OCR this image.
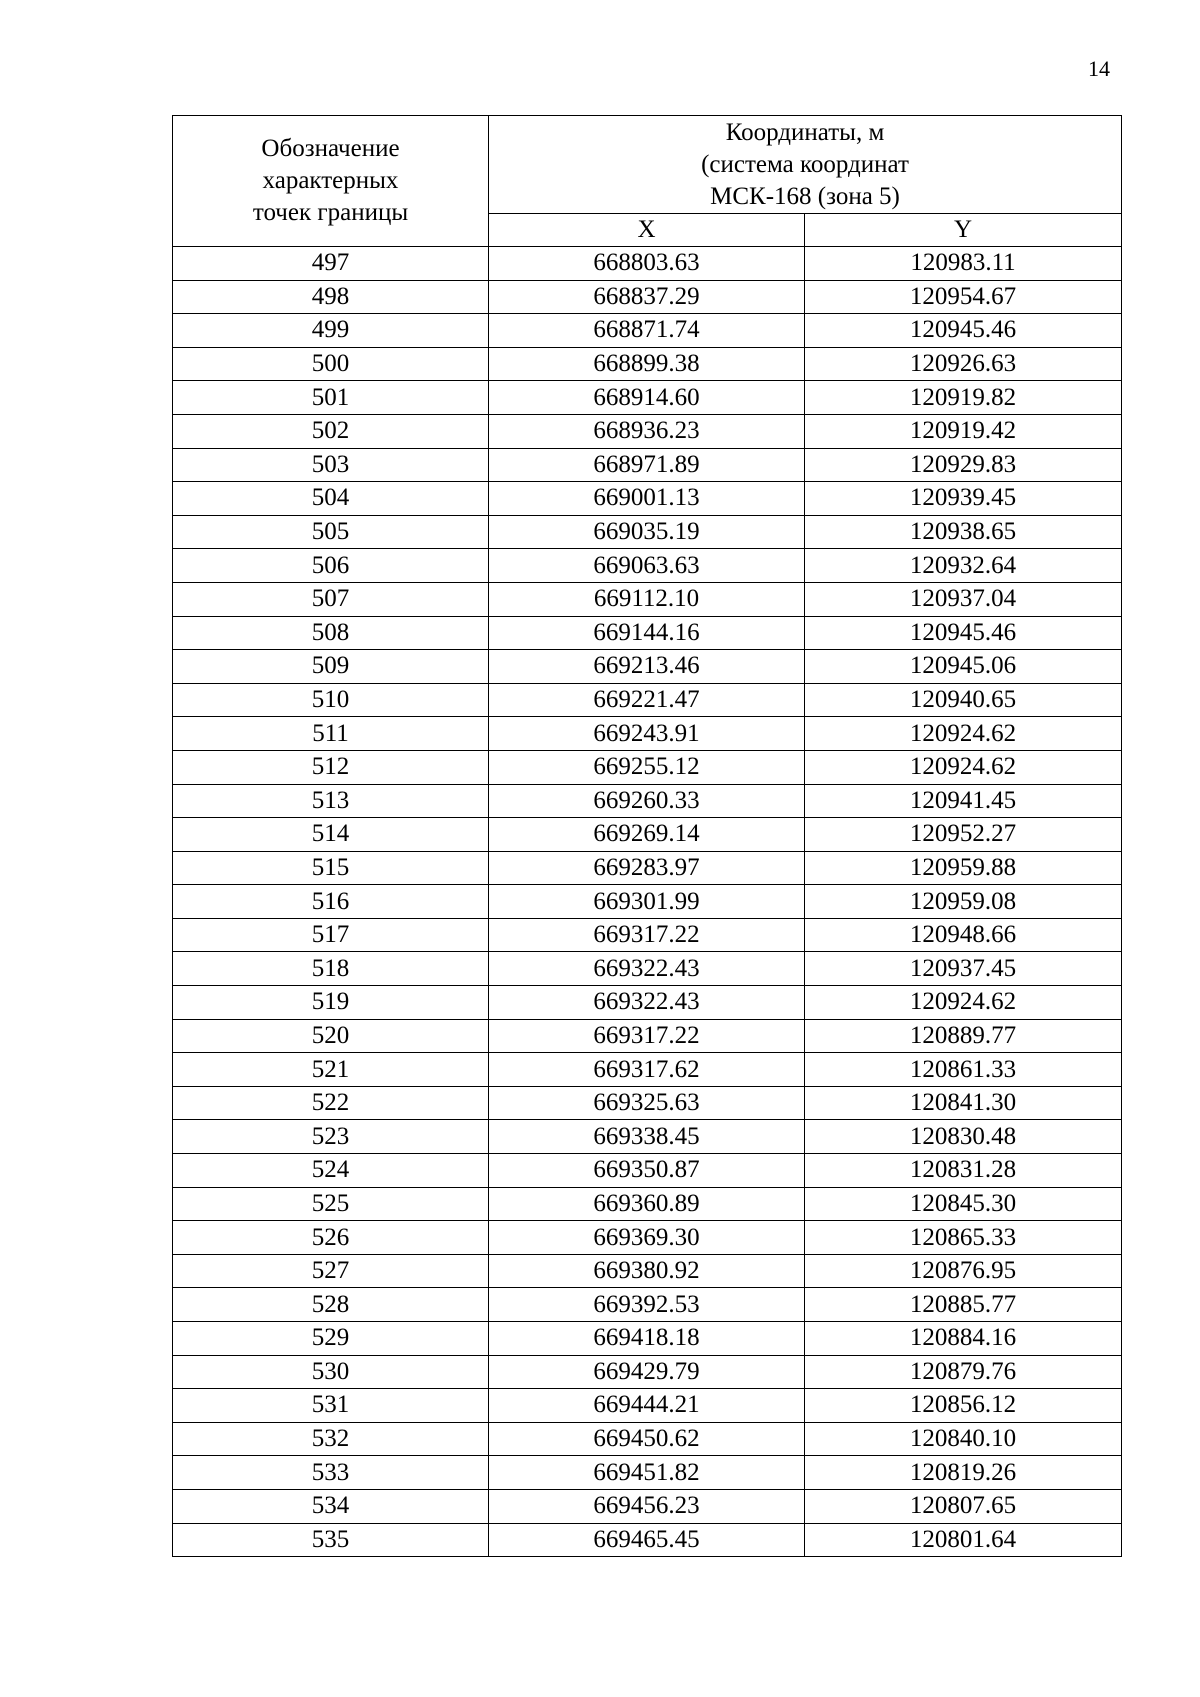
14
Обозначение
характерных
точек границы	Координаты, м
(система координат
МСК-168 (зона 5)	

	X	Y
497	668803.63	120983.11
498	668837.29	120954.67
499	668871.74	120945.46
500	668899.38	120926.63
501	668914.60	120919.82
502	668936.23	120919.42
503	668971.89	120929.83
504	669001.13	120939.45
505	669035.19	120938.65
506	669063.63	120932.64
507	669112.10	120937.04
508	669144.16	120945.46
509	669213.46	120945.06
510	669221.47	120940.65
511	669243.91	120924.62
512	669255.12	120924.62
513	669260.33	120941.45
514	669269.14	120952.27
515	669283.97	120959.88
516	669301.99	120959.08
517	669317.22	120948.66
518	669322.43	120937.45
519	669322.43	120924.62
520	669317.22	120889.77
521	669317.62	120861.33
522	669325.63	120841.30
523	669338.45	120830.48
524	669350.87	120831.28
525	669360.89	120845.30
526	669369.30	120865.33
527	669380.92	120876.95
528	669392.53	120885.77
529	669418.18	120884.16
530	669429.79	120879.76
531	669444.21	120856.12
532	669450.62	120840.10
533	669451.82	120819.26
534	669456.23	120807.65
535	669465.45	120801.64
